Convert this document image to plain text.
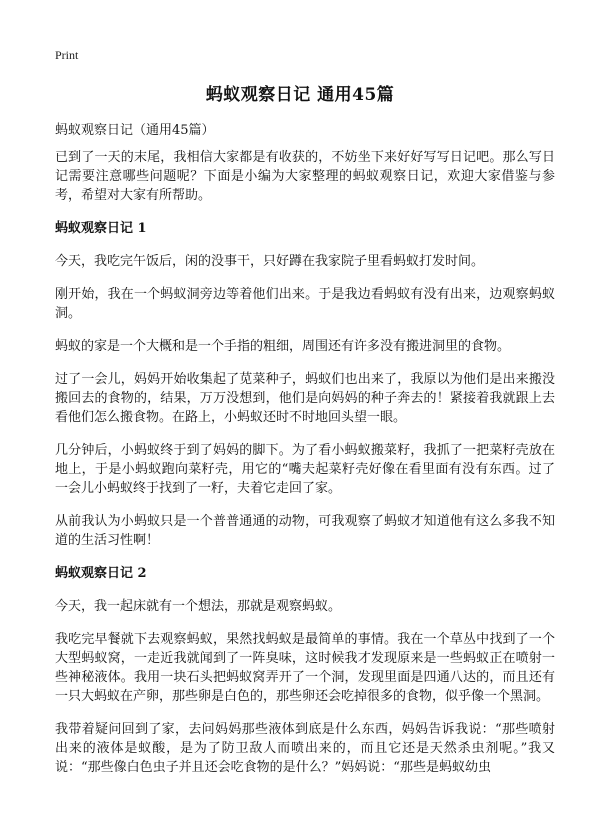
Print
蚂蚁观察日记 通用45篇

蚂蚁观察日记（通用45篇）

已到了一天的末尾，我相信大家都是有收获的，不妨坐下来好好写写日记吧。那么写日记需要注意哪些问题呢？下面是小编为大家整理的蚂蚁观察日记，欢迎大家借鉴与参考，希望对大家有所帮助。

蚂蚁观察日记 1

今天，我吃完午饭后，闲的没事干，只好蹲在我家院子里看蚂蚁打发时间。

刚开始，我在一个蚂蚁洞旁边等着他们出来。于是我边看蚂蚁有没有出来，边观察蚂蚁洞。

蚂蚁的家是一个大概和是一个手指的粗细，周围还有许多没有搬进洞里的食物。

过了一会儿，妈妈开始收集起了苋菜种子，蚂蚁们也出来了，我原以为他们是出来搬没搬回去的食物的，结果，万万没想到，他们是向妈妈的种子奔去的！紧接着我就跟上去看他们怎么搬食物。在路上，小蚂蚁还时不时地回头望一眼。

几分钟后，小蚂蚁终于到了妈妈的脚下。为了看小蚂蚁搬菜籽，我抓了一把菜籽壳放在地上，于是小蚂蚁跑向菜籽壳，用它的“嘴夫起菜籽壳好像在看里面有没有东西。过了一会儿小蚂蚁终于找到了一籽，夫着它走回了家。

从前我认为小蚂蚁只是一个普普通通的动物，可我观察了蚂蚁才知道他有这么多我不知道的生活习性啊！

蚂蚁观察日记 2

今天，我一起床就有一个想法，那就是观察蚂蚁。

我吃完早餐就下去观察蚂蚁，果然找蚂蚁是最简单的事情。我在一个草丛中找到了一个大型蚂蚁窝，一走近我就闻到了一阵臭味，这时候我才发现原来是一些蚂蚁正在喷射一些神秘液体。我用一块石头把蚂蚁窝弄开了一个洞，发现里面是四通八达的，而且还有一只大蚂蚁在产卵，那些卵是白色的，那些卵还会吃掉很多的食物，似乎像一个黑洞。

我带着疑问回到了家，去问妈妈那些液体到底是什么东西，妈妈告诉我说：“那些喷射出来的液体是蚁酸，是为了防卫敌人而喷出来的，而且它还是天然杀虫剂呢。”我又说：“那些像白色虫子并且还会吃食物的是什么？”妈妈说：“那些是蚂蚁幼虫
